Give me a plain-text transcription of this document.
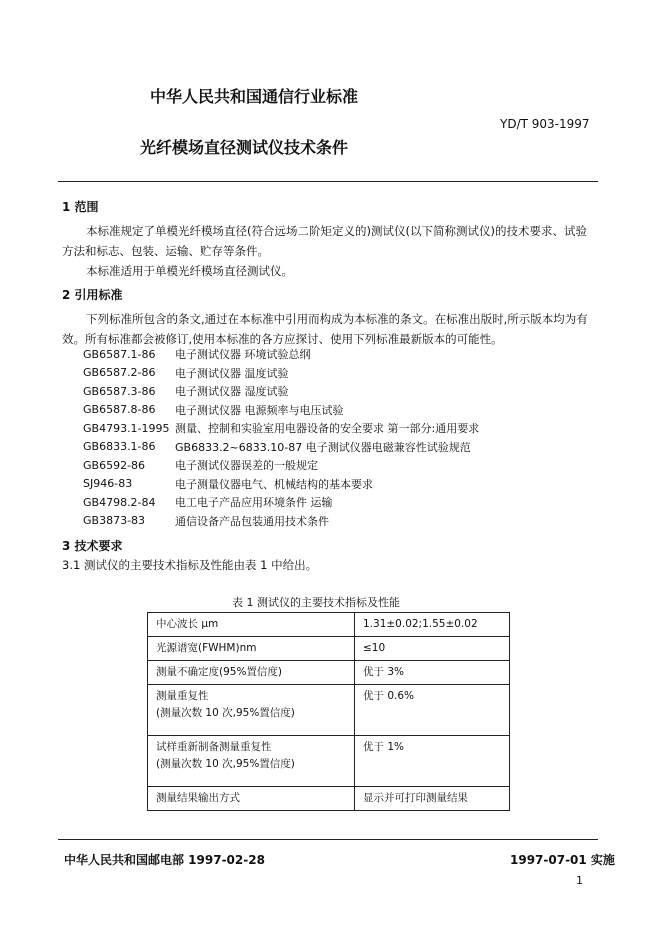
中华人民共和国通信行业标准
YD/T 903-1997
光纤模场直径测试仪技术条件
1 范围

本标准规定了单模光纤模场直径(符合远场二阶矩定义的)测试仪(以下简称测试仪)的技术要求、试验方法和标志、包装、运输、贮存等条件。

本标准适用于单模光纤模场直径测试仪。

2 引用标准

下列标准所包含的条文,通过在本标准中引用而构成为本标准的条文。在标准出版时,所示版本均为有效。所有标准都会被修订,使用本标准的各方应探讨、使用下列标准最新版本的可能性。

GB6587.1-86	电子测试仪器 环境试验总纲
GB6587.2-86	电子测试仪器 温度试验
GB6587.3-86	电子测试仪器 湿度试验
GB6587.8-86	电子测试仪器 电源频率与电压试验
GB4793.1-1995 测量、控制和实验室用电器设备的安全要求 第一部分:通用要求
GB6833.1-86	GB6833.2~6833.10-87 电子测试仪器电磁兼容性试验规范
GB6592-86	电子测试仪器误差的一般规定
SJ946-83	电子测量仪器电气、机械结构的基本要求
GB4798.2-84	电工电子产品应用环境条件 运输
GB3873-83	通信设备产品包装通用技术条件
3 技术要求
3.1 测试仪的主要技术指标及性能由表 1 中给出。
表 1 测试仪的主要技术指标及性能
中心波长 μm	1.31±0.02;1.55±0.02

光源谱宽(FWHM)nm	≤10

测量不确定度(95%置信度)	优于 3%

测量重复性
(测量次数 10 次,95%置信度)	优于 0.6%

试样重新制备测量重复性
(测量次数 10 次,95%置信度)	优于 1%

测量结果输出方式	显示并可打印测量结果
中华人民共和国邮电部 1997-02-28	1997-07-01 实施
1
